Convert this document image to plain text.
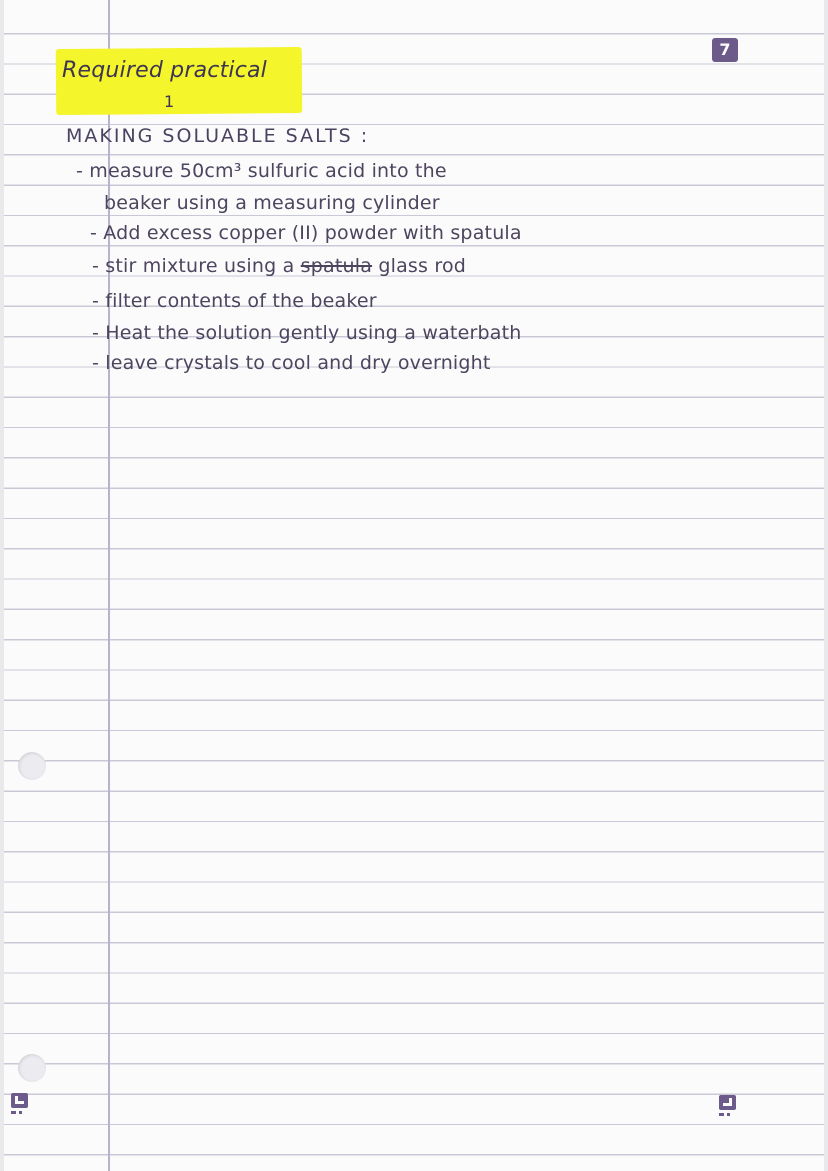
7
Required practical
1
MAKING SOLUABLE SALTS :
- measure 50cm³ sulfuric acid into the
beaker using a measuring cylinder
- Add excess copper (II) powder with spatula
- stir mixture using a spatula glass rod
- filter contents of the beaker
- Heat the solution gently using a waterbath
- leave crystals to cool and dry overnight
